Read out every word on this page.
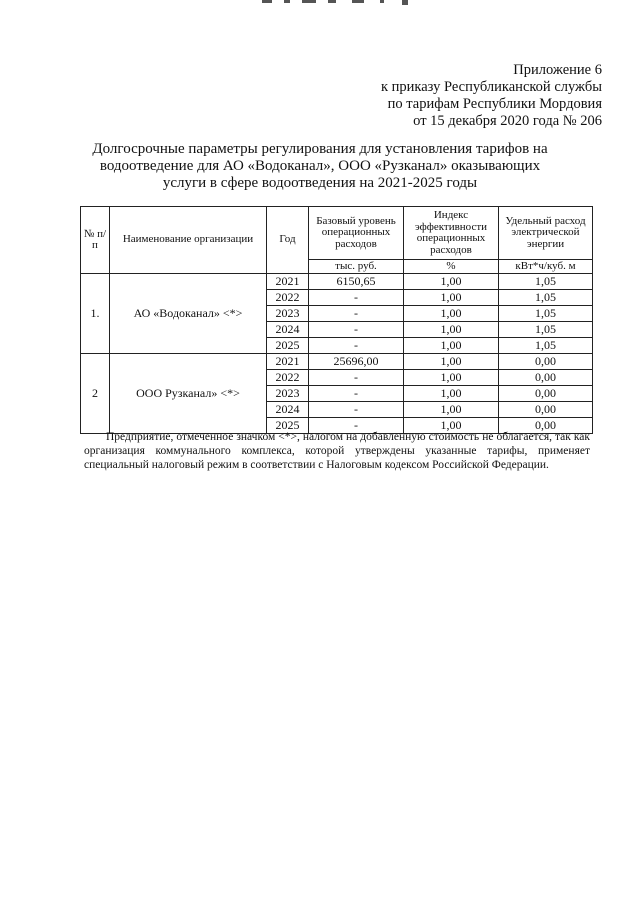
Приложение 6
к приказу Республиканской службы
по тарифам Республики Мордовия
от 15 декабря 2020 года № 206
Долгосрочные параметры регулирования для установления тарифов на водоотведение для АО «Водоканал», ООО «Рузканал» оказывающих услуги в сфере водоотведения на 2021-2025 годы
№ п/п	Наименование организации	Год	Базовый уровень операционных расходов	Индекс эффективности операционных расходов	Удельный расход электрической энергии
			тыс. руб.	%	кВт*ч/куб. м
1.	АО «Водоканал» <*>	2021	6150,65	1,00	1,05
		2022	-	1,00	1,05
		2023	-	1,00	1,05
		2024	-	1,00	1,05
		2025	-	1,00	1,05
2	ООО Рузканал» <*>	2021	25696,00	1,00	0,00
		2022	-	1,00	0,00
		2023	-	1,00	0,00
		2024	-	1,00	0,00
		2025	-	1,00	0,00
Предприятие, отмеченное значком <*>, налогом на добавленную стоимость не облагается, так как организация коммунального комплекса, которой утверждены указанные тарифы, применяет специальный налоговый режим в соответствии с Налоговым кодексом Российской Федерации.
